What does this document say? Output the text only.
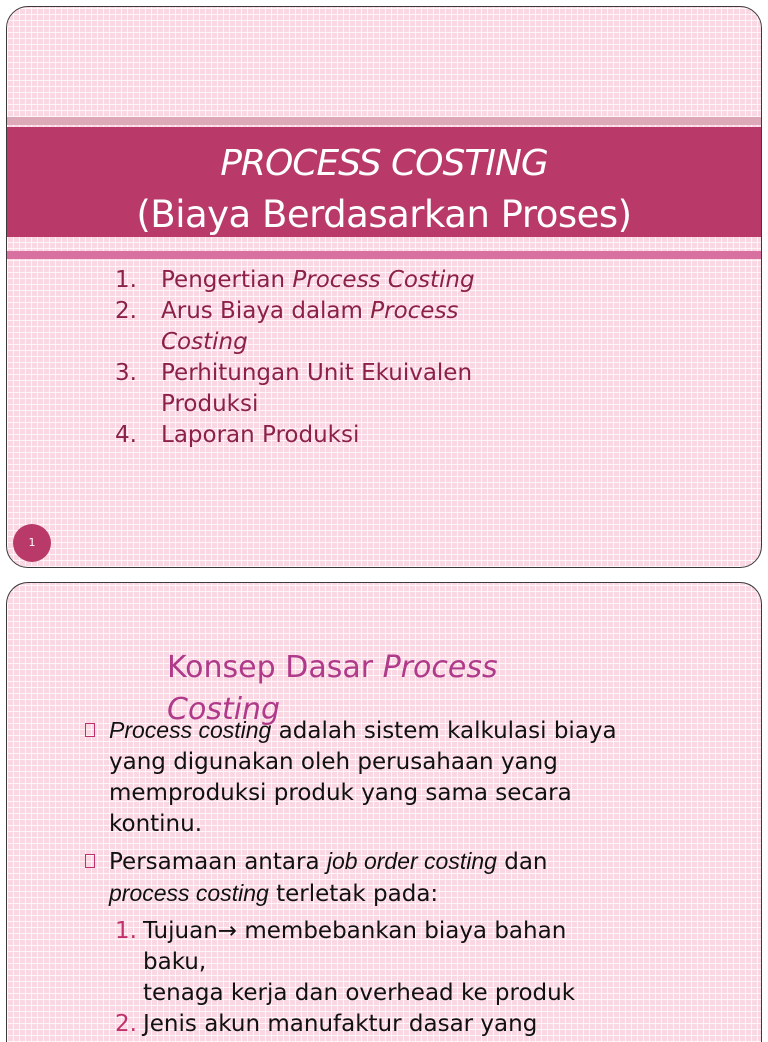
PROCESS COSTING
(Biaya Berdasarkan Proses)
1. Pengertian Process Costing
2. Arus Biaya dalam Process
Costing
3. Perhitungan Unit Ekuivalen
Produksi
4. Laporan Produksi
1
Konsep Dasar Process
Costing
Process costing adalah sistem kalkulasi biaya
yang digunakan oleh perusahaan yang
memproduksi produk yang sama secara
kontinu.
Persamaan antara job order costing dan
process costing terletak pada:
1. Tujuan→ membebankan biaya bahan
baku,
tenaga kerja dan overhead ke produk
2. Jenis akun manufaktur dasar yang
